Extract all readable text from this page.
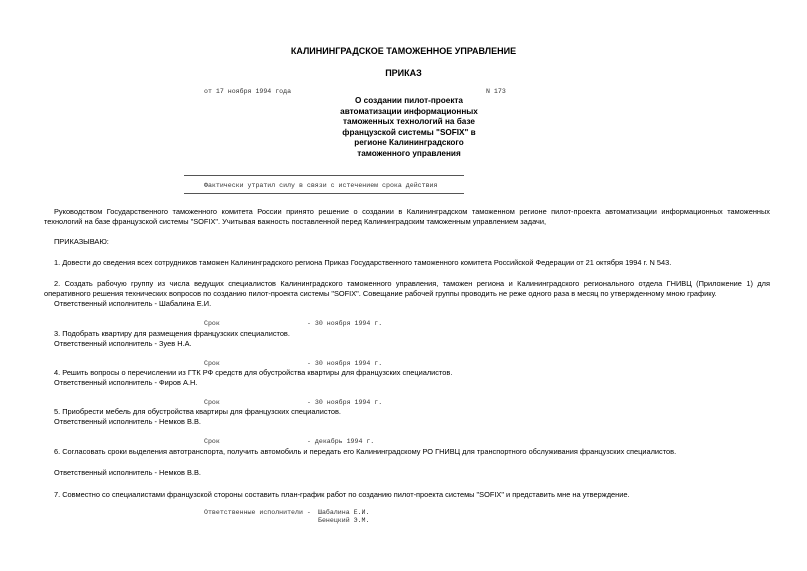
КАЛИНИНГРАДСКОЕ ТАМОЖЕННОЕ УПРАВЛЕНИЕ
ПРИКАЗ
от 17 ноября 1994 года	N 173
О создании пилот-проекта
автоматизации информационных
таможенных технологий на базе
французской системы "SOFIX" в
регионе Калининградского
таможенного управления
Фактически утратил силу в связи с истечением срока действия
Руководством Государственного таможенного комитета России принято решение о создании в Калининградском таможенном регионе пилот-проекта автоматизации информационных таможенных технологий на базе французской системы "SOFIX". Учитывая важность поставленной перед Калининградским таможенным управлением задачи,
ПРИКАЗЫВАЮ:
1. Довести до сведения всех сотрудников таможен Калининградского региона Приказ Государственного таможенного комитета Российской Федерации от 21 октября 1994 г. N 543.
2. Создать рабочую группу из числа ведущих специалистов Калининградского таможенного управления, таможен региона и Калининградского регионального отдела ГНИВЦ (Приложение 1) для оперативного решения технических вопросов по созданию пилот-проекта системы "SOFIX". Совещание рабочей группы проводить не реже одного раза в месяц по утвержденному мною графику.
Ответственный исполнитель - Шабалина Е.И.
Срок	- 30 ноября 1994 г.
3. Подобрать квартиру для размещения французских специалистов.
Ответственный исполнитель - Зуев Н.А.
Срок	- 30 ноября 1994 г.
4. Решить вопросы о перечислении из ГТК РФ средств для обустройства квартиры для французских специалистов.
Ответственный исполнитель - Фиров А.Н.
Срок	- 30 ноября 1994 г.
5. Приобрести мебель для обустройства квартиры для французских специалистов.
Ответственный исполнитель - Немков В.В.
Срок	- декабрь 1994 г.
6. Согласовать сроки выделения автотранспорта, получить автомобиль и передать его Калининградскому РО ГНИВЦ для транспортного обслуживания французских специалистов.
Ответственный исполнитель - Немков В.В.
7. Совместно со специалистами французской стороны составить план-график работ по созданию пилот-проекта системы "SOFIX" и представить мне на утверждение.
Ответственные исполнители - Шабалина Е.И.
Бенецкий Э.М.
